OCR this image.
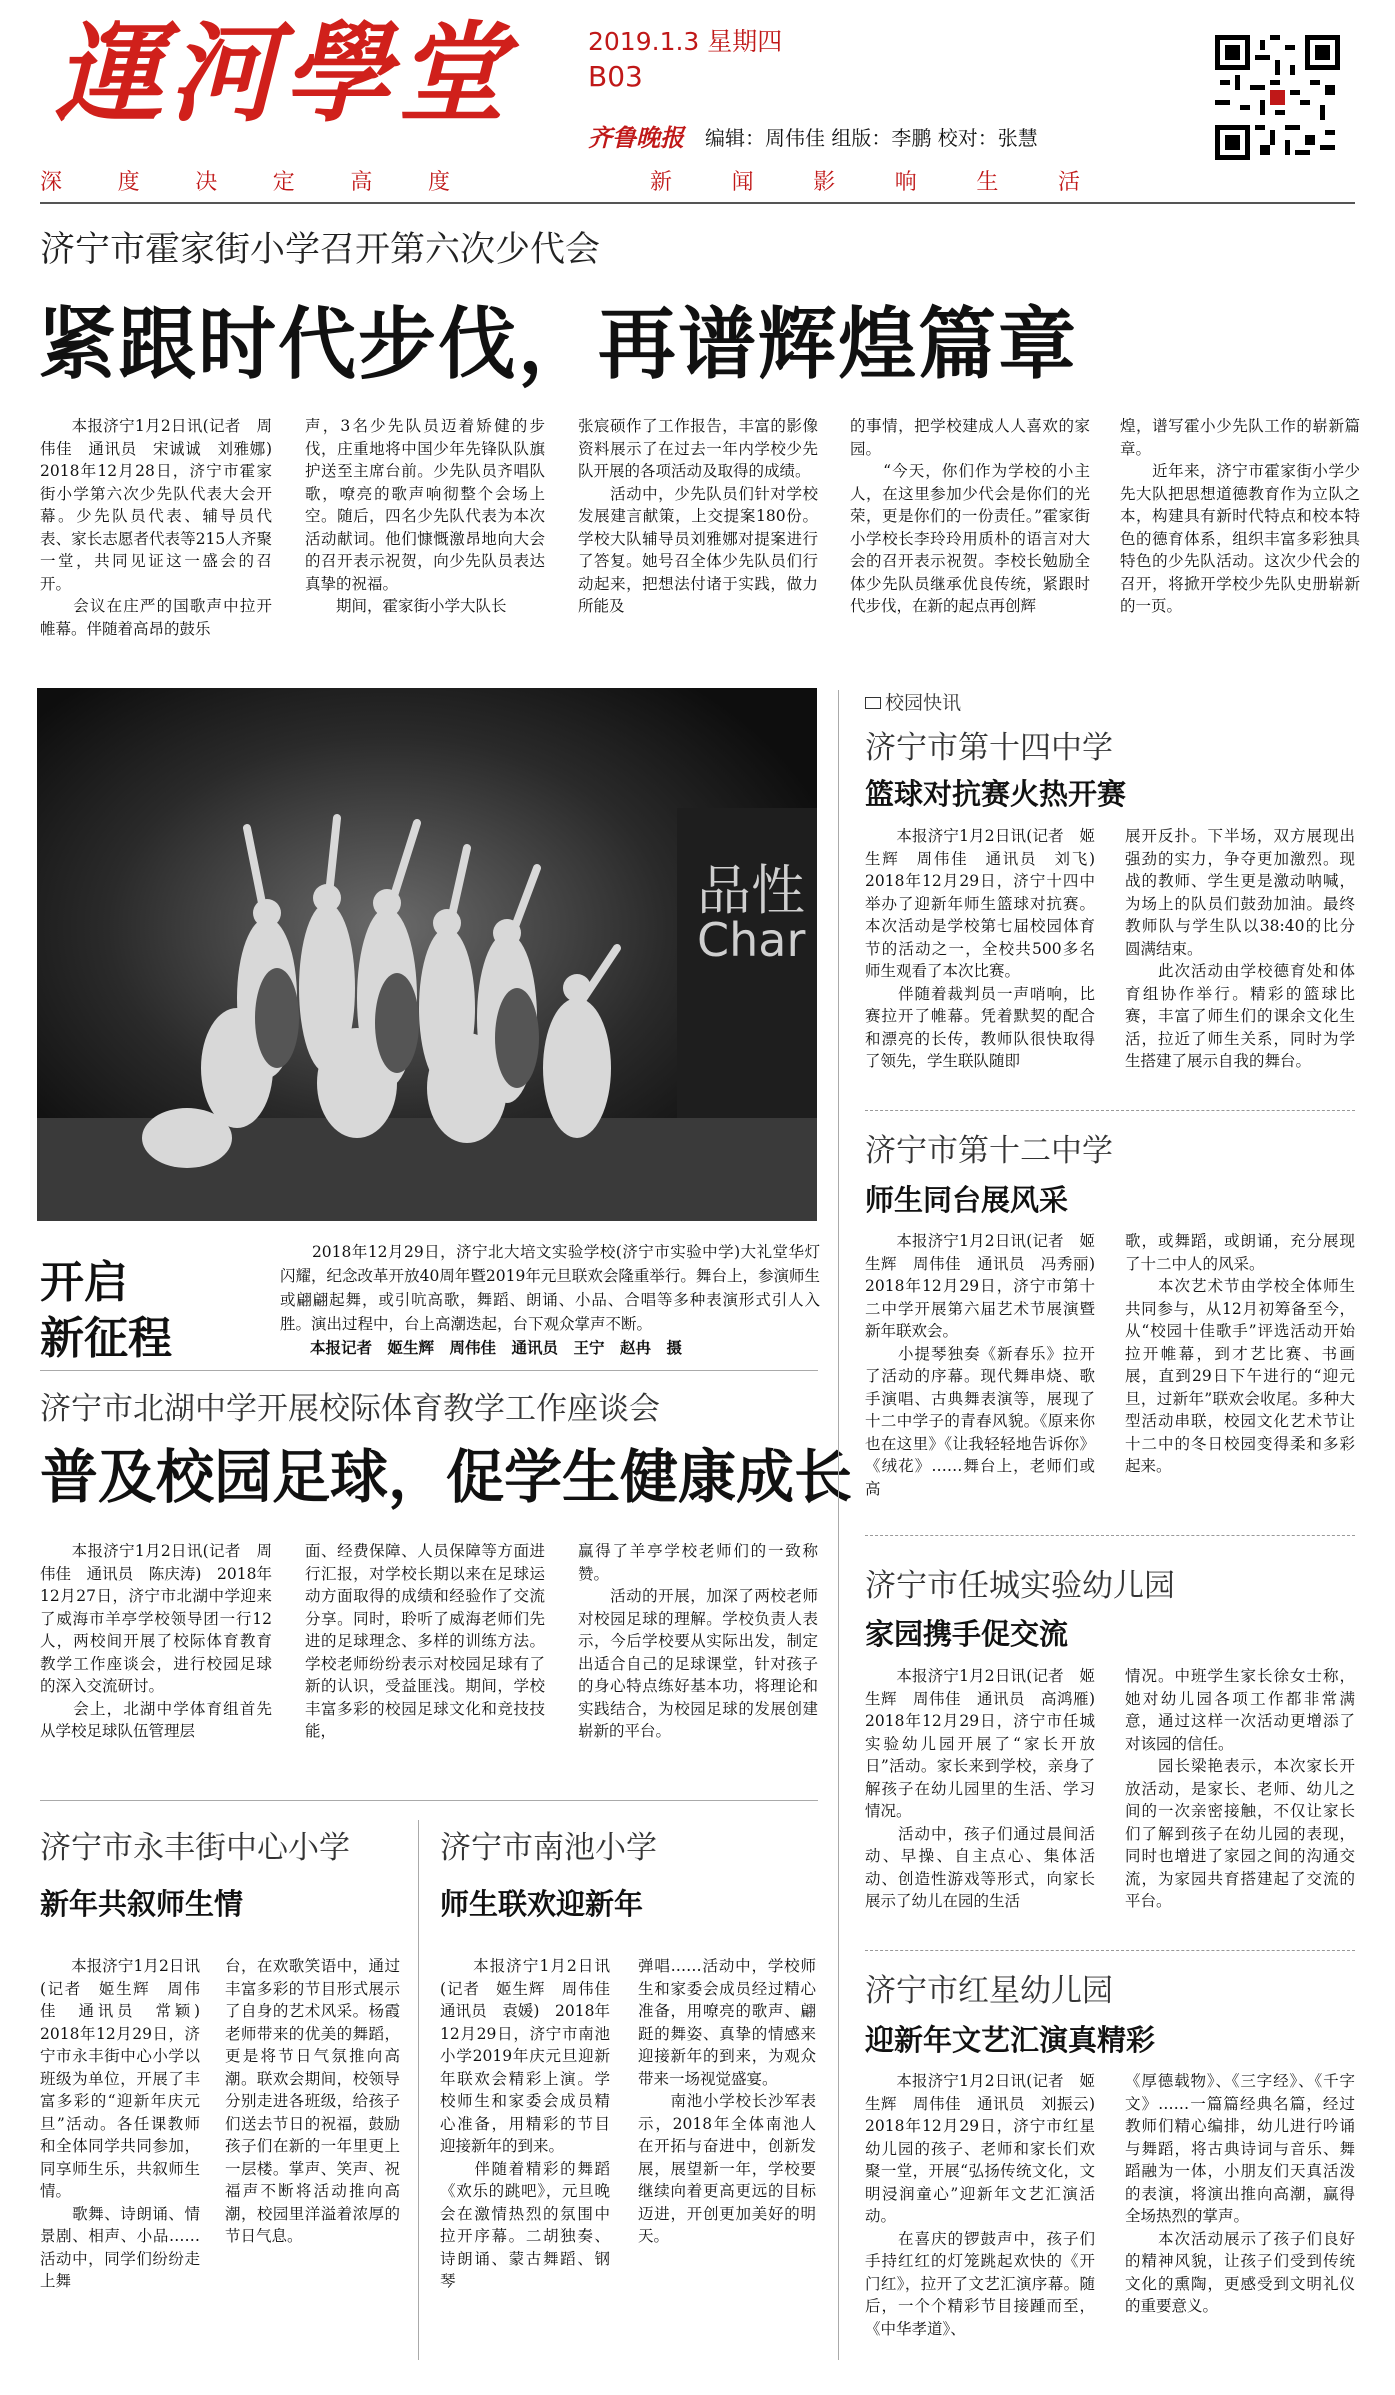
運河學堂	2019.1.3 星期四
B03
齐鲁晚报 编辑：周伟佳 组版：李鹏 校对：张慧
深	度	决	定	高	度	新	闻	影	响	生	活
济宁市霍家街小学召开第六次少代会
紧跟时代步伐，再谱辉煌篇章
　　本报济宁1月2日讯(记者　周伟佳　通讯员　宋诚诚　刘雅娜)　2018年12月28日，济宁市霍家街小学第六次少先队代表大会开幕。少先队员代表、辅导员代表、家长志愿者代表等215人齐聚一堂，共同见证这一盛会的召开。
　　会议在庄严的国歌声中拉开帷幕。伴随着高昂的鼓乐
声，3名少先队员迈着矫健的步伐，庄重地将中国少年先锋队队旗护送至主席台前。少先队员齐唱队歌，嘹亮的歌声响彻整个会场上空。随后，四名少先队代表为本次活动献词。他们慷慨激昂地向大会的召开表示祝贺，向少先队员表达真挚的祝福。
　　期间，霍家街小学大队长
张宸硕作了工作报告，丰富的影像资料展示了在过去一年内学校少先队开展的各项活动及取得的成绩。
　　活动中，少先队员们针对学校发展建言献策，上交提案180份。学校大队辅导员刘雅娜对提案进行了答复。她号召全体少先队员们行动起来，把想法付诸于实践，做力所能及
的事情，把学校建成人人喜欢的家园。
　　“今天，你们作为学校的小主人，在这里参加少代会是你们的光荣，更是你们的一份责任。”霍家街小学校长李玲玲用质朴的语言对大会的召开表示祝贺。李校长勉励全体少先队员继承优良传统，紧跟时代步伐，在新的起点再创辉
煌，谱写霍小少先队工作的崭新篇章。
　　近年来，济宁市霍家街小学少先大队把思想道德教育作为立队之本，构建具有新时代特点和校本特色的德育体系，组织丰富多彩独具特色的少先队活动。这次少代会的召开，将掀开学校少先队史册崭新的一页。
品性
Char
开启
新征程
　　2018年12月29日，济宁北大培文实验学校(济宁市实验中学)大礼堂华灯闪耀，纪念改革开放40周年暨2019年元旦联欢会隆重举行。舞台上，参演师生或翩翩起舞，或引吭高歌，舞蹈、朗诵、小品、合唱等多种表演形式引人入胜。演出过程中，台上高潮迭起，台下观众掌声不断。
本报记者　姬生辉　周伟佳　通讯员　王宁　赵冉　摄
济宁市北湖中学开展校际体育教学工作座谈会
普及校园足球，促学生健康成长
　　本报济宁1月2日讯(记者　周伟佳　通讯员　陈庆涛)　2018年12月27日，济宁市北湖中学迎来了威海市羊亭学校领导团一行12人，两校间开展了校际体育教育教学工作座谈会，进行校园足球的深入交流研讨。
　　会上，北湖中学体育组首先从学校足球队伍管理层
面、经费保障、人员保障等方面进行汇报，对学校长期以来在足球运动方面取得的成绩和经验作了交流分享。同时，聆听了威海老师们先进的足球理念、多样的训练方法。学校老师纷纷表示对校园足球有了新的认识，受益匪浅。期间，学校丰富多彩的校园足球文化和竞技技能，
赢得了羊亭学校老师们的一致称赞。
　　活动的开展，加深了两校老师对校园足球的理解。学校负责人表示，今后学校要从实际出发，制定出适合自己的足球课堂，针对孩子的身心特点练好基本功，将理论和实践结合，为校园足球的发展创建崭新的平台。
济宁市永丰街中心小学
新年共叙师生情
　　本报济宁1月2日讯(记者　姬生辉　周伟佳　通讯员　常颖)　2018年12月29日，济宁市永丰街中心小学以班级为单位，开展了丰富多彩的“迎新年庆元旦”活动。各任课教师和全体同学共同参加，同享师生乐，共叙师生情。
　　歌舞、诗朗诵、情景剧、相声、小品……活动中，同学们纷纷走上舞
台，在欢歌笑语中，通过丰富多彩的节目形式展示了自身的艺术风采。杨霞老师带来的优美的舞蹈，更是将节日气氛推向高潮。联欢会期间，校领导分别走进各班级，给孩子们送去节日的祝福，鼓励孩子们在新的一年里更上一层楼。掌声、笑声、祝福声不断将活动推向高潮，校园里洋溢着浓厚的节日气息。
济宁市南池小学
师生联欢迎新年
　　本报济宁1月2日讯(记者　姬生辉　周伟佳　通讯员　袁媛)　2018年12月29日，济宁市南池小学2019年庆元旦迎新年联欢会精彩上演。学校师生和家委会成员精心准备，用精彩的节目迎接新年的到来。
　　伴随着精彩的舞蹈《欢乐的跳吧》，元旦晚会在激情热烈的氛围中拉开序幕。二胡独奏、诗朗诵、蒙古舞蹈、钢琴
弹唱……活动中，学校师生和家委会成员经过精心准备，用嘹亮的歌声、翩跹的舞姿、真挚的情感来迎接新年的到来，为观众带来一场视觉盛宴。
　　南池小学校长沙军表示，2018年全体南池人在开拓与奋进中，创新发展，展望新一年，学校要继续向着更高更远的目标迈进，开创更加美好的明天。
校园快讯
济宁市第十四中学
篮球对抗赛火热开赛
　　本报济宁1月2日讯(记者　姬生辉　周伟佳　通讯员　刘飞)　2018年12月29日，济宁十四中举办了迎新年师生篮球对抗赛。本次活动是学校第七届校园体育节的活动之一，全校共500多名师生观看了本次比赛。
　　伴随着裁判员一声哨响，比赛拉开了帷幕。凭着默契的配合和漂亮的长传，教师队很快取得了领先，学生联队随即
展开反扑。下半场，双方展现出强劲的实力，争夺更加激烈。现战的教师、学生更是激动呐喊，为场上的队员们鼓劲加油。最终教师队与学生队以38:40的比分圆满结束。
　　此次活动由学校德育处和体育组协作举行。精彩的篮球比赛，丰富了师生们的课余文化生活，拉近了师生关系，同时为学生搭建了展示自我的舞台。
济宁市第十二中学
师生同台展风采
　　本报济宁1月2日讯(记者　姬生辉　周伟佳　通讯员　冯秀丽)　2018年12月29日，济宁市第十二中学开展第六届艺术节展演暨新年联欢会。
　　小提琴独奏《新春乐》拉开了活动的序幕。现代舞串烧、歌手演唱、古典舞表演等，展现了十二中学子的青春风貌。《原来你也在这里》《让我轻轻地告诉你》《绒花》……舞台上，老师们或高
歌，或舞蹈，或朗诵，充分展现了十二中人的风采。
　　本次艺术节由学校全体师生共同参与，从12月初筹备至今，从“校园十佳歌手”评选活动开始拉开帷幕，到才艺比赛、书画展，直到29日下午进行的“迎元旦，过新年”联欢会收尾。多种大型活动串联，校园文化艺术节让十二中的冬日校园变得柔和多彩起来。
济宁市任城实验幼儿园
家园携手促交流
　　本报济宁1月2日讯(记者　姬生辉　周伟佳　通讯员　高鸿雁)　2018年12月29日，济宁市任城实验幼儿园开展了“家长开放日”活动。家长来到学校，亲身了解孩子在幼儿园里的生活、学习情况。
　　活动中，孩子们通过晨间活动、早操、自主点心、集体活动、创造性游戏等形式，向家长展示了幼儿在园的生活
情况。中班学生家长徐女士称，她对幼儿园各项工作都非常满意，通过这样一次活动更增添了对该园的信任。
　　园长梁艳表示，本次家长开放活动，是家长、老师、幼儿之间的一次亲密接触，不仅让家长们了解到孩子在幼儿园的表现，同时也增进了家园之间的沟通交流，为家园共育搭建起了交流的平台。
济宁市红星幼儿园
迎新年文艺汇演真精彩
　　本报济宁1月2日讯(记者　姬生辉　周伟佳　通讯员　刘振云)　2018年12月29日，济宁市红星幼儿园的孩子、老师和家长们欢聚一堂，开展“弘扬传统文化，文明浸润童心”迎新年文艺汇演活动。
　　在喜庆的锣鼓声中，孩子们手持红红的灯笼跳起欢快的《开门红》，拉开了文艺汇演序幕。随后，一个个精彩节目接踵而至，《中华孝道》、
《厚德载物》、《三字经》、《千字文》……一篇篇经典名篇，经过教师们精心编排，幼儿进行吟诵与舞蹈，将古典诗词与音乐、舞蹈融为一体，小朋友们天真活泼的表演，将演出推向高潮，赢得全场热烈的掌声。
　　本次活动展示了孩子们良好的精神风貌，让孩子们受到传统文化的熏陶，更感受到文明礼仪的重要意义。
